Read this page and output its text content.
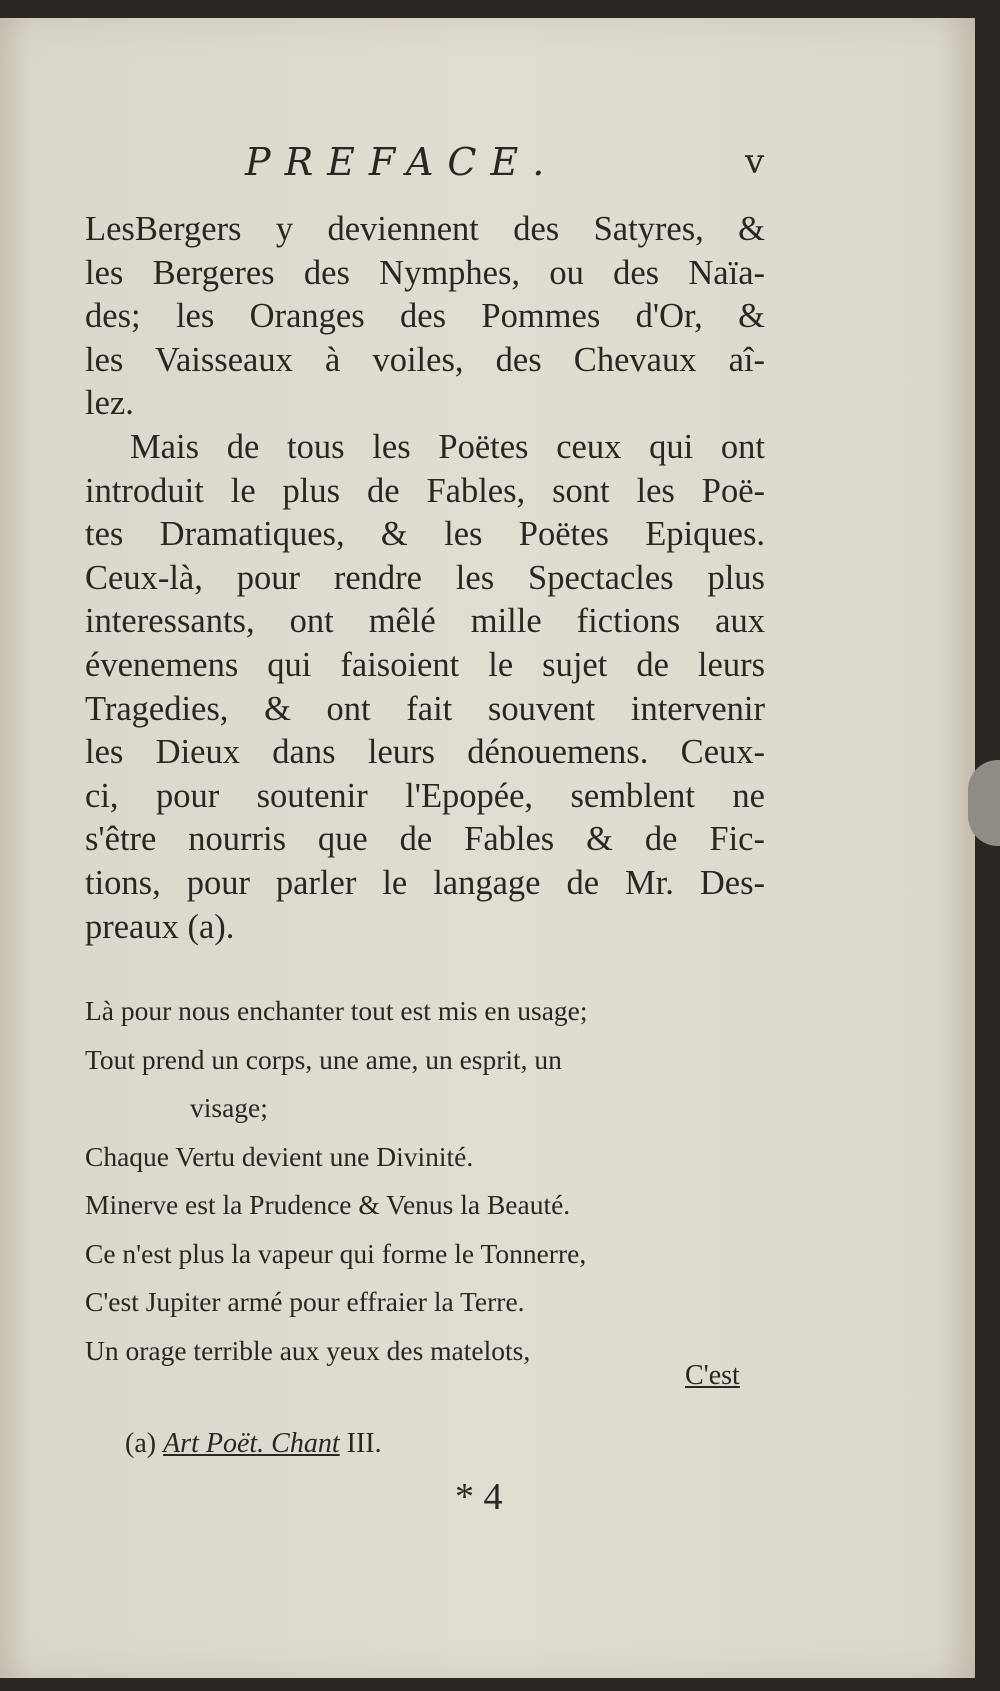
PREFACE.	v
LesBergers y deviennent des Satyres, &
les Bergeres des Nymphes, ou des Naïa-
des; les Oranges des Pommes d'Or, &
les Vaisseaux à voiles, des Chevaux aî-
lez.
Mais de tous les Poëtes ceux qui ont
introduit le plus de Fables, sont les Poë-
tes Dramatiques, & les Poëtes Epiques.
Ceux-là, pour rendre les Spectacles plus
interessants, ont mêlé mille fictions aux
évenemens qui faisoient le sujet de leurs
Tragedies, & ont fait souvent intervenir
les Dieux dans leurs dénouemens. Ceux-
ci, pour soutenir l'Epopée, semblent ne
s'être nourris que de Fables & de Fic-
tions, pour parler le langage de Mr. Des-
preaux (a).
Là pour nous enchanter tout est mis en usage;
Tout prend un corps, une ame, un esprit, un
visage;
Chaque Vertu devient une Divinité.
Minerve est la Prudence & Venus la Beauté.
Ce n'est plus la vapeur qui forme le Tonnerre,
C'est Jupiter armé pour effraier la Terre.
Un orage terrible aux yeux des matelots,
C'est
(a) Art Poët. Chant III.
* 4
